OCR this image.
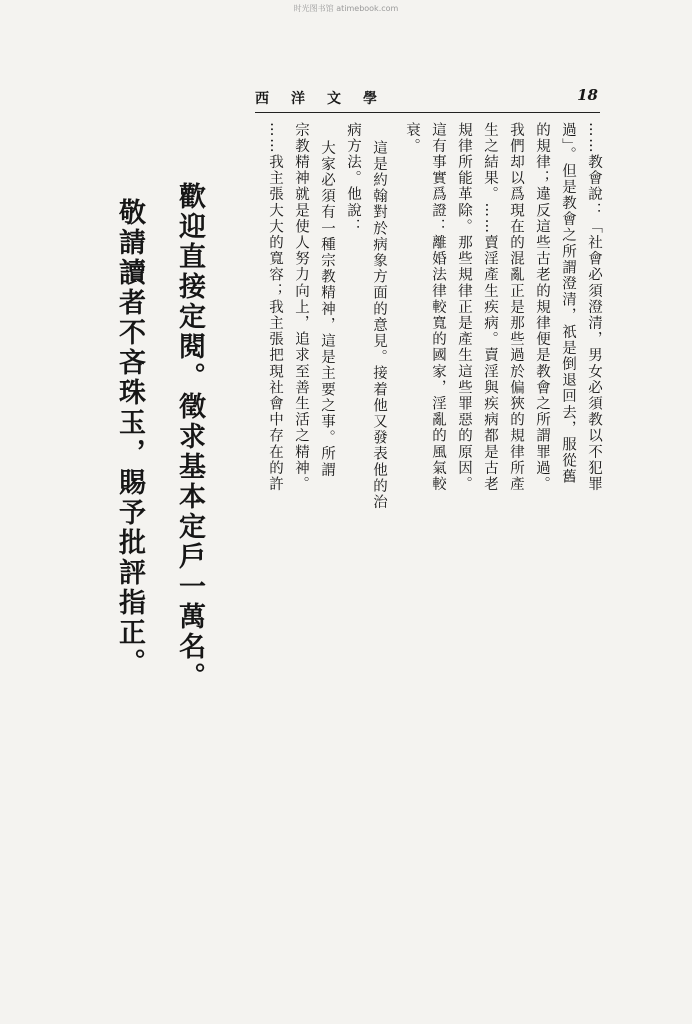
时光图书馆 atimebook.com
西洋文學	18
……教會說：「社會必須澄清，男女必須教以不犯罪
過」。但是教會之所謂澄清，祇是倒退回去，服從舊
的規律；違反這些古老的規律便是教會之所謂罪過。
我們却以爲現在的混亂正是那些過於偏狹的規律所產
生之結果。……賣淫產生疾病。賣淫與疾病都是古老
規律所能革除。那些規律正是產生這些罪惡的原因。
這有事實爲證：離婚法律較寬的國家，淫亂的風氣較
衰。
這是約翰對於病象方面的意見。接着他又發表他的治
病方法。他說：
大家必須有一種宗教精神，這是主要之事。所謂
宗教精神就是使人努力向上，追求至善生活之精神。
……我主張大大的寬容；我主張把現社會中存在的許
歡迎直接定閱。徵求基本定戶一萬名。
敬請讀者不吝珠玉，賜予批評指正。
